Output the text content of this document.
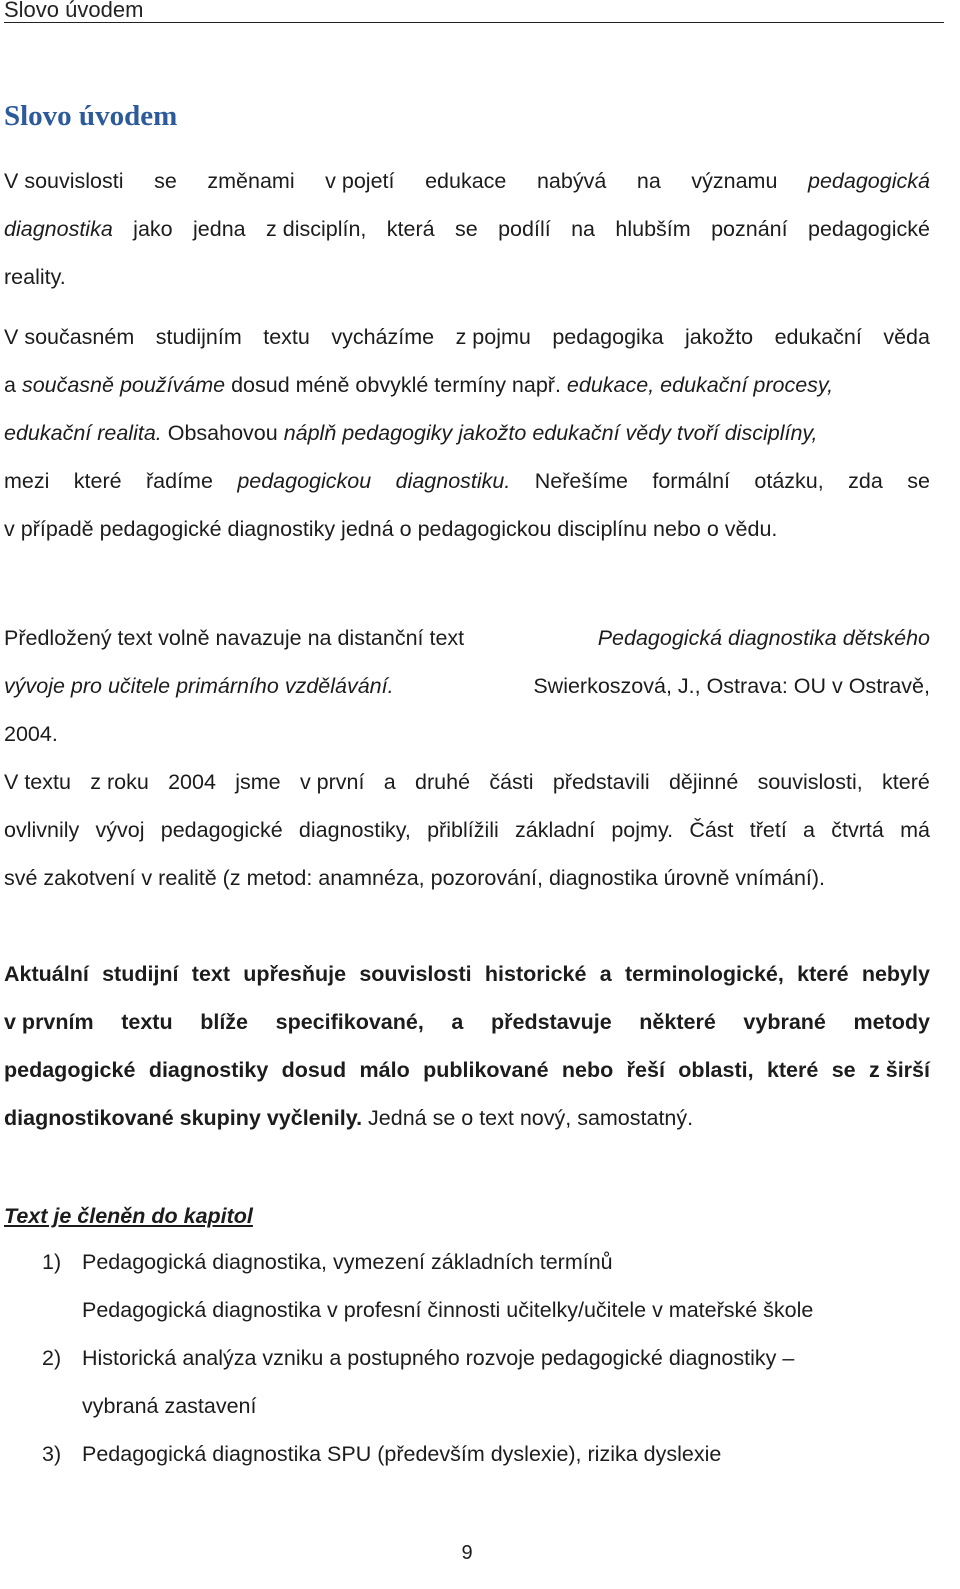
Slovo úvodem
Slovo úvodem
V souvislosti se změnami v pojetí edukace nabývá na významu pedagogická
diagnostika jako jedna z disciplín, která se podílí na hlubším poznání pedagogické
reality.
V současném studijním textu vycházíme z pojmu pedagogika jakožto edukační věda
a současně používáme dosud méně obvyklé termíny např. edukace, edukační procesy,
edukační realita. Obsahovou náplň pedagogiky jakožto edukační vědy tvoří disciplíny,
mezi které řadíme pedagogickou diagnostiku. Neřešíme formální otázku, zda se
v případě pedagogické diagnostiky jedná o pedagogickou disciplínu nebo o vědu.
Předložený text volně navazuje na distanční text	Pedagogická diagnostika dětského
vývoje pro učitele primárního vzdělávání.	Swierkoszová, J., Ostrava: OU v Ostravě,
2004.
V textu z roku 2004 jsme v první a druhé části představili dějinné souvislosti, které
ovlivnily vývoj pedagogické diagnostiky, přiblížili základní pojmy. Část třetí a čtvrtá má
své zakotvení v realitě (z metod: anamnéza, pozorování, diagnostika úrovně vnímání).
Aktuální studijní text upřesňuje souvislosti historické a terminologické, které nebyly
v prvním textu blíže specifikované, a představuje některé vybrané metody
pedagogické diagnostiky dosud málo publikované nebo řeší oblasti, které se z širší
diagnostikované skupiny vyčlenily. Jedná se o text nový, samostatný.
Text je členěn do kapitol
1) Pedagogická diagnostika, vymezení základních termínů
Pedagogická diagnostika v profesní činnosti učitelky/učitele v mateřské škole
2) Historická analýza vzniku a postupného rozvoje pedagogické diagnostiky –
vybraná zastavení
3) Pedagogická diagnostika SPU (především dyslexie), rizika dyslexie
9
